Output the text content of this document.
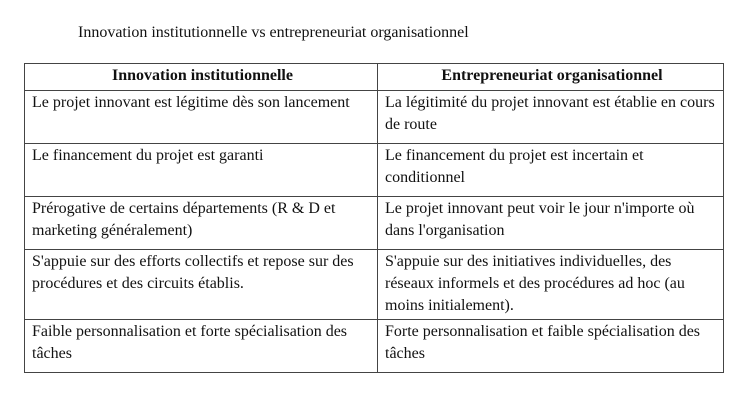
Innovation institutionnelle vs entrepreneuriat organisationnel
Innovation institutionnelle	Entrepreneuriat organisationnel
Le projet innovant est légitime dès son lancement	La légitimité du projet innovant est établie en cours de route
Le financement du projet est garanti	Le financement du projet est incertain et conditionnel
Prérogative de certains départements (R & D et marketing généralement)	Le projet innovant peut voir le jour n'importe où dans l'organisation
S'appuie sur des efforts collectifs et repose sur des procédures et des circuits établis.	S'appuie sur des initiatives individuelles, des réseaux informels et des procédures ad hoc (au moins initialement).
Faible personnalisation et forte spécialisation des tâches	Forte personnalisation et faible spécialisation des tâches
